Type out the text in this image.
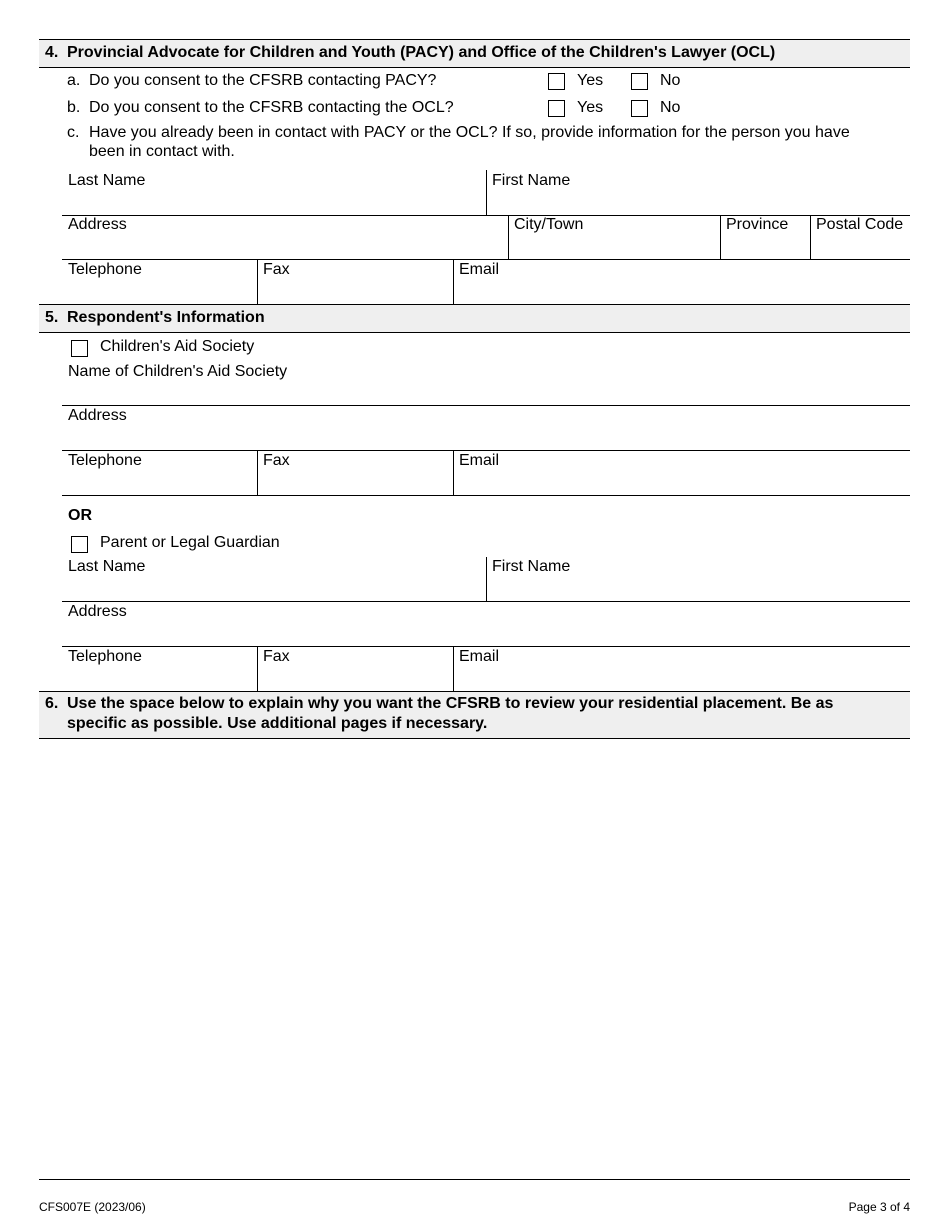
4. Provincial Advocate for Children and Youth (PACY) and Office of the Children's Lawyer (OCL)
a. Do you consent to the CFSRB contacting PACY?	Yes	No
b. Do you consent to the CFSRB contacting the OCL?	Yes	No
c. Have you already been in contact with PACY or the OCL? If so, provide information for the person you have
been in contact with.
Last Name	First Name
Address	City/Town	Province Postal Code
Telephone	Fax	Email
5. Respondent's Information
Children's Aid Society
Name of Children's Aid Society
Address
Telephone	Fax	Email
OR
Parent or Legal Guardian
Last Name	First Name
Address
Telephone	Fax	Email
6. Use the space below to explain why you want the CFSRB to review your residential placement. Be as
specific as possible. Use additional pages if necessary.
CFS007E (2023/06)	Page 3 of 4
